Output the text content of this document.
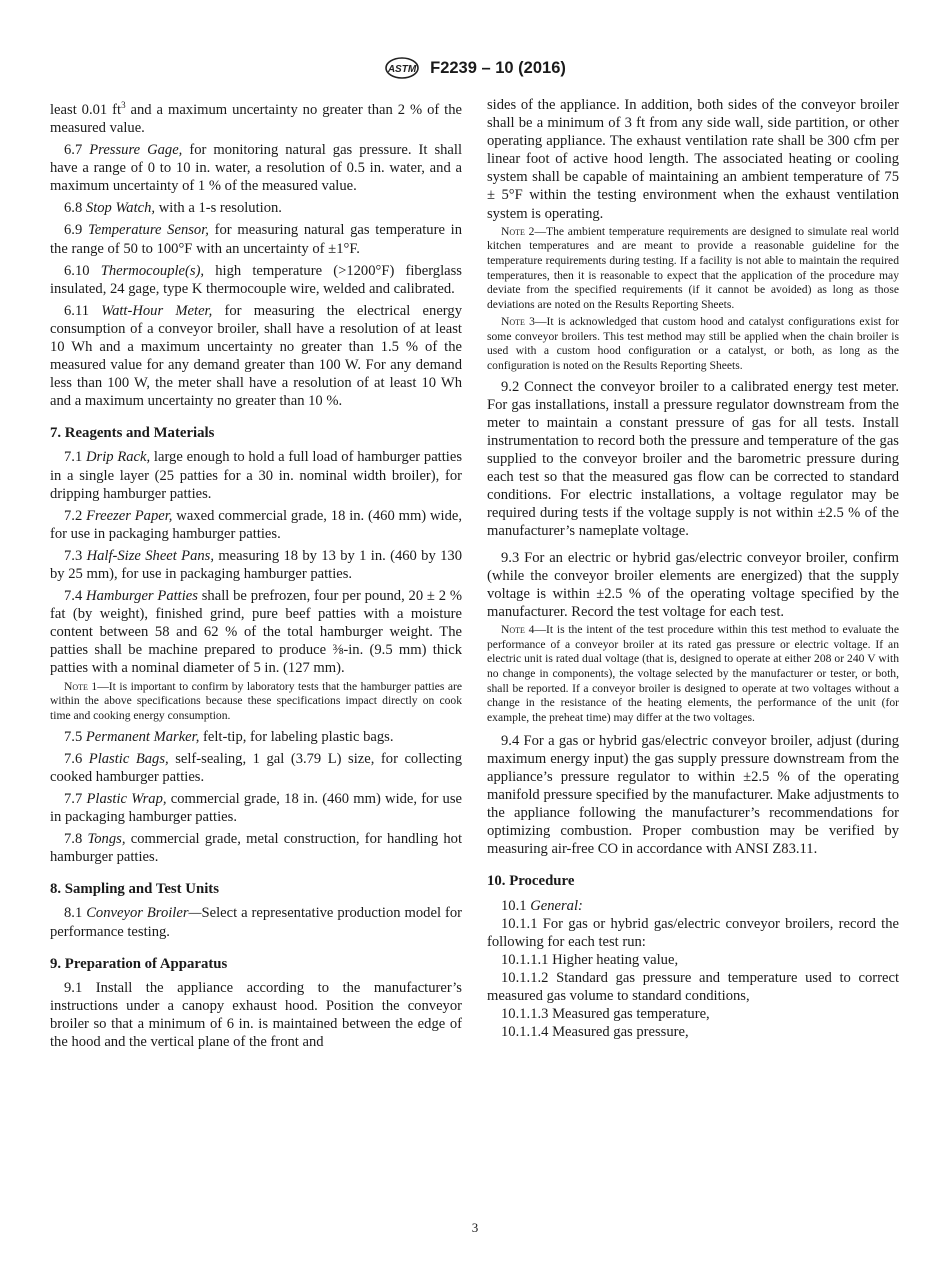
ASTM F2239 – 10 (2016)

least 0.01 $ft^3$ and a maximum uncertainty no greater than 2 % of the measured value.

6.7 Pressure Gage, for monitoring natural gas pressure. It shall have a range of 0 to 10 in. water, a resolution of 0.5 in. water, and a maximum uncertainty of 1 % of the measured value.

6.8 Stop Watch, with a 1-s resolution.

6.9 Temperature Sensor, for measuring natural gas temperature in the range of 50 to 100°F with an uncertainty of ±1°F.

6.10 Thermocouple(s), high temperature (>1200°F) fiberglass insulated, 24 gage, type K thermocouple wire, welded and calibrated.

6.11 Watt-Hour Meter, for measuring the electrical energy consumption of a conveyor broiler, shall have a resolution of at least 10 Wh and a maximum uncertainty no greater than 1.5 % of the measured value for any demand greater than 100 W. For any demand less than 100 W, the meter shall have a resolution of at least 10 Wh and a maximum uncertainty no greater than 10 %.

7. Reagents and Materials

7.1 Drip Rack, large enough to hold a full load of hamburger patties in a single layer (25 patties for a 30 in. nominal width broiler), for dripping hamburger patties.

7.2 Freezer Paper, waxed commercial grade, 18 in. (460 mm) wide, for use in packaging hamburger patties.

7.3 Half-Size Sheet Pans, measuring 18 by 13 by 1 in. (460 by 130 by 25 mm), for use in packaging hamburger patties.

7.4 Hamburger Patties shall be prefrozen, four per pound, 20 ± 2 % fat (by weight), finished grind, pure beef patties with a moisture content between 58 and 62 % of the total hamburger weight. The patties shall be machine prepared to produce ⅜-in. (9.5 mm) thick patties with a nominal diameter of 5 in. (127 mm).

Note 1—It is important to confirm by laboratory tests that the hamburger patties are within the above specifications because these specifications impact directly on cook time and cooking energy consumption.

7.5 Permanent Marker, felt-tip, for labeling plastic bags.

7.6 Plastic Bags, self-sealing, 1 gal (3.79 L) size, for collecting cooked hamburger patties.

7.7 Plastic Wrap, commercial grade, 18 in. (460 mm) wide, for use in packaging hamburger patties.

7.8 Tongs, commercial grade, metal construction, for handling hot hamburger patties.

8. Sampling and Test Units

8.1 Conveyor Broiler—Select a representative production model for performance testing.

9. Preparation of Apparatus

9.1 Install the appliance according to the manufacturer’s instructions under a canopy exhaust hood. Position the conveyor broiler so that a minimum of 6 in. is maintained between the edge of the hood and the vertical plane of the front and

sides of the appliance. In addition, both sides of the conveyor broiler shall be a minimum of 3 ft from any side wall, side partition, or other operating appliance. The exhaust ventilation rate shall be 300 cfm per linear foot of active hood length. The associated heating or cooling system shall be capable of maintaining an ambient temperature of 75 ± 5°F within the testing environment when the exhaust ventilation system is operating.

Note 2—The ambient temperature requirements are designed to simulate real world kitchen temperatures and are meant to provide a reasonable guideline for the temperature requirements during testing. If a facility is not able to maintain the required temperatures, then it is reasonable to expect that the application of the procedure may deviate from the specified requirements (if it cannot be avoided) as long as those deviations are noted on the Results Reporting Sheets.

Note 3—It is acknowledged that custom hood and catalyst configurations exist for some conveyor broilers. This test method may still be applied when the chain broiler is used with a custom hood configuration or a catalyst, or both, as long as the configuration is noted on the Results Reporting Sheets.

9.2 Connect the conveyor broiler to a calibrated energy test meter. For gas installations, install a pressure regulator downstream from the meter to maintain a constant pressure of gas for all tests. Install instrumentation to record both the pressure and temperature of the gas supplied to the conveyor broiler and the barometric pressure during each test so that the measured gas flow can be corrected to standard conditions. For electric installations, a voltage regulator may be required during tests if the voltage supply is not within ±2.5 % of the manufacturer’s nameplate voltage.

9.3 For an electric or hybrid gas/electric conveyor broiler, confirm (while the conveyor broiler elements are energized) that the supply voltage is within ±2.5 % of the operating voltage specified by the manufacturer. Record the test voltage for each test.

Note 4—It is the intent of the test procedure within this test method to evaluate the performance of a conveyor broiler at its rated gas pressure or electric voltage. If an electric unit is rated dual voltage (that is, designed to operate at either 208 or 240 V with no change in components), the voltage selected by the manufacturer or tester, or both, shall be reported. If a conveyor broiler is designed to operate at two voltages without a change in the resistance of the heating elements, the performance of the unit (for example, the preheat time) may differ at the two voltages.

9.4 For a gas or hybrid gas/electric conveyor broiler, adjust (during maximum energy input) the gas supply pressure downstream from the appliance’s pressure regulator to within ±2.5 % of the operating manifold pressure specified by the manufacturer. Make adjustments to the appliance following the manufacturer’s recommendations for optimizing combustion. Proper combustion may be verified by measuring air-free CO in accordance with ANSI Z83.11.

10. Procedure

10.1 General:

10.1.1 For gas or hybrid gas/electric conveyor broilers, record the following for each test run:

10.1.1.1 Higher heating value,

10.1.1.2 Standard gas pressure and temperature used to correct measured gas volume to standard conditions,

10.1.1.3 Measured gas temperature,

10.1.1.4 Measured gas pressure,

3
